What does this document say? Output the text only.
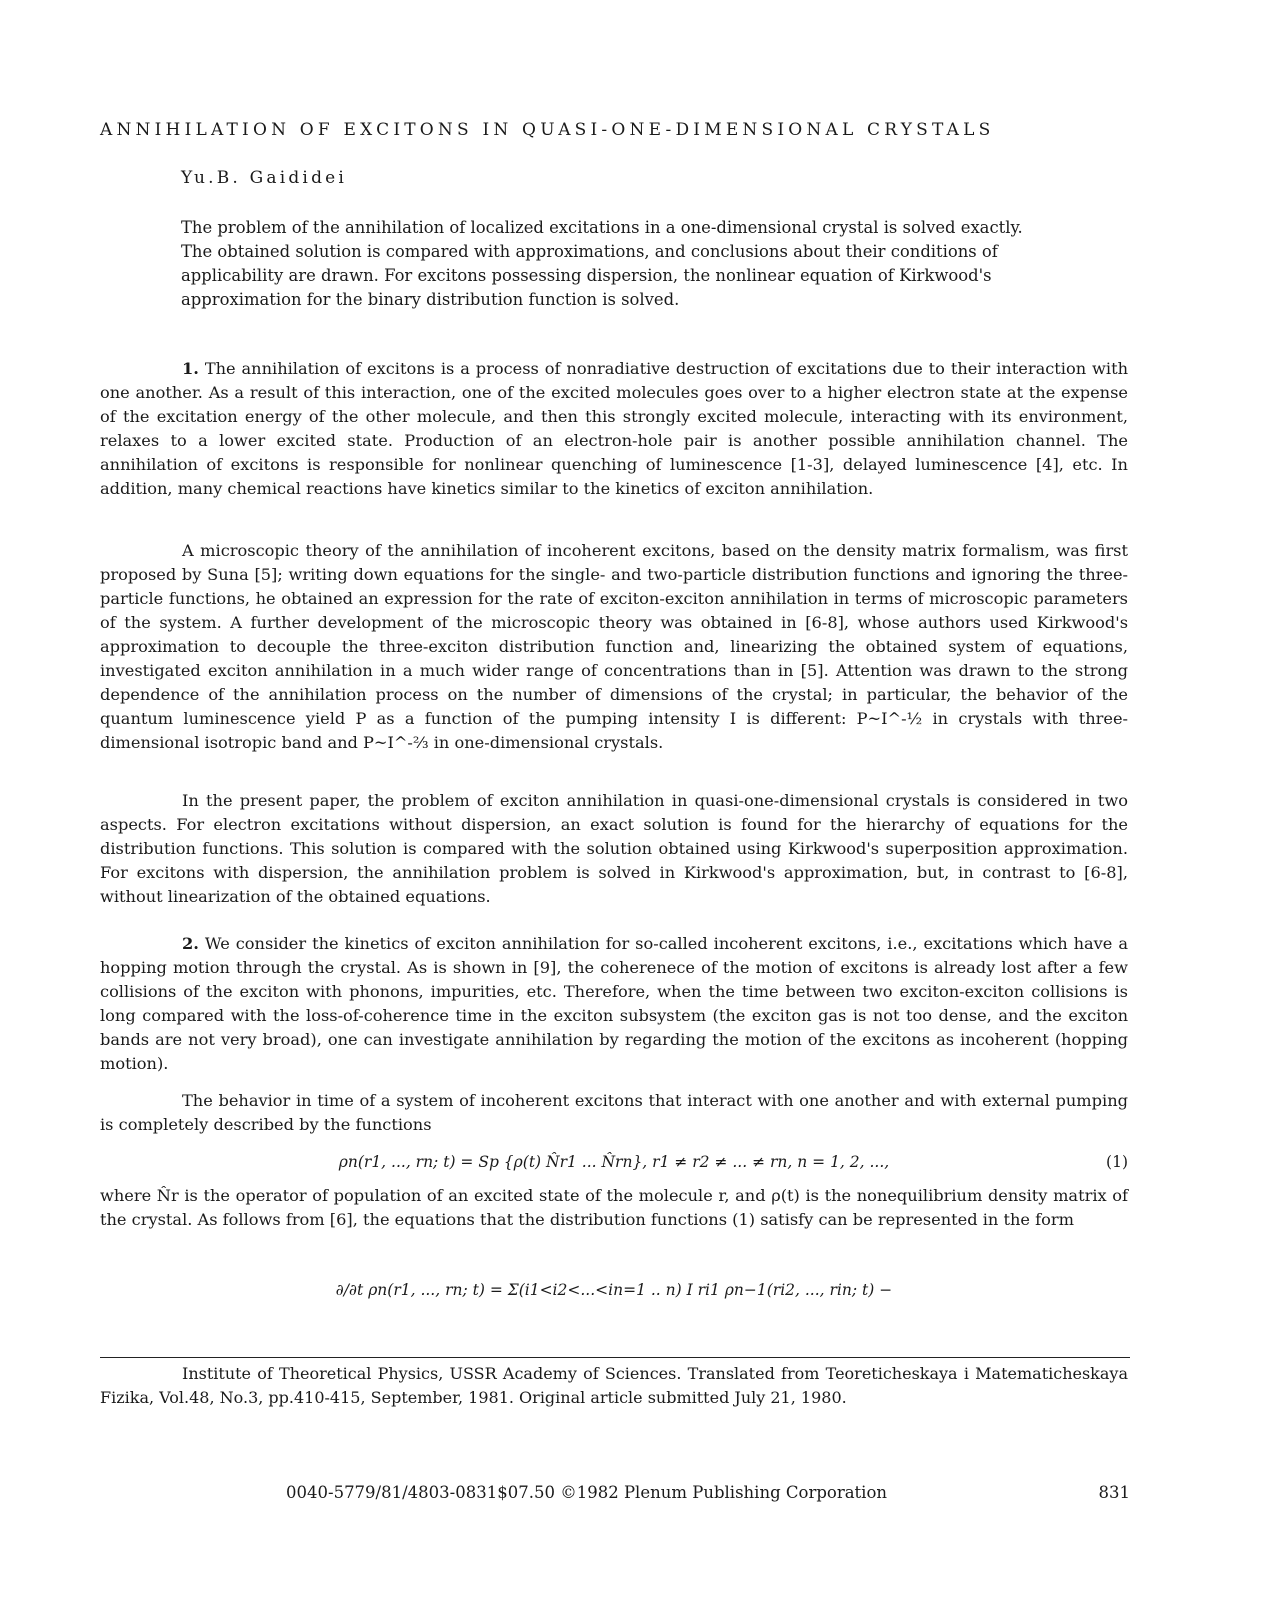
ANNIHILATION OF EXCITONS IN QUASI-ONE-DIMENSIONAL CRYSTALS
Yu.B. Gaididei

The problem of the annihilation of localized excitations in a one-dimensional crystal is solved exactly. The obtained solution is compared with approximations, and conclusions about their conditions of applicability are drawn. For excitons possessing dispersion, the nonlinear equation of Kirkwood's approximation for the binary distribution function is solved.

1. The annihilation of excitons is a process of nonradiative destruction of excitations due to their interaction with one another. As a result of this interaction, one of the excited molecules goes over to a higher electron state at the expense of the excitation energy of the other molecule, and then this strongly excited molecule, interacting with its environment, relaxes to a lower excited state. Production of an electron-hole pair is another possible annihilation channel. The annihilation of excitons is responsible for nonlinear quenching of luminescence [1-3], delayed luminescence [4], etc. In addition, many chemical reactions have kinetics similar to the kinetics of exciton annihilation.

A microscopic theory of the annihilation of incoherent excitons, based on the density matrix formalism, was first proposed by Suna [5]; writing down equations for the single- and two-particle distribution functions and ignoring the three-particle functions, he obtained an expression for the rate of exciton-exciton annihilation in terms of microscopic parameters of the system. A further development of the microscopic theory was obtained in [6-8], whose authors used Kirkwood's approximation to decouple the three-exciton distribution function and, linearizing the obtained system of equations, investigated exciton annihilation in a much wider range of concentrations than in [5]. Attention was drawn to the strong dependence of the annihilation process on the number of dimensions of the crystal; in particular, the behavior of the quantum luminescence yield P as a function of the pumping intensity I is different: P~I^-½ in crystals with three-dimensional isotropic band and P~I^-⅔ in one-dimensional crystals.

In the present paper, the problem of exciton annihilation in quasi-one-dimensional crystals is considered in two aspects. For electron excitations without dispersion, an exact solution is found for the hierarchy of equations for the distribution functions. This solution is compared with the solution obtained using Kirkwood's superposition approximation. For excitons with dispersion, the annihilation problem is solved in Kirkwood's approximation, but, in contrast to [6-8], without linearization of the obtained equations.

2. We consider the kinetics of exciton annihilation for so-called incoherent excitons, i.e., excitations which have a hopping motion through the crystal. As is shown in [9], the coherenece of the motion of excitons is already lost after a few collisions of the exciton with phonons, impurities, etc. Therefore, when the time between two exciton-exciton collisions is long compared with the loss-of-coherence time in the exciton subsystem (the exciton gas is not too dense, and the exciton bands are not very broad), one can investigate annihilation by regarding the motion of the excitons as incoherent (hopping motion).

The behavior in time of a system of incoherent excitons that interact with one another and with external pumping is completely described by the functions

ρn(r1, ..., rn; t) = Sp {ρ(t) N̂r1 ... N̂rn}, r1 ≠ r2 ≠ ... ≠ rn, n = 1, 2, ...,	(1)

where N̂r is the operator of population of an excited state of the molecule r, and ρ(t) is the nonequilibrium density matrix of the crystal. As follows from [6], the equations that the distribution functions (1) satisfy can be represented in the form

∂/∂t ρn(r1, ..., rn; t) = Σ(i1<i2<...<in=1 .. n) I ri1 ρn−1(ri2, ..., rin; t) −

Institute of Theoretical Physics, USSR Academy of Sciences. Translated from Teoreticheskaya i Matematicheskaya Fizika, Vol.48, No.3, pp.410-415, September, 1981. Original article submitted July 21, 1980.

0040-5779/81/4803-0831$07.50 ©1982 Plenum Publishing Corporation	831
